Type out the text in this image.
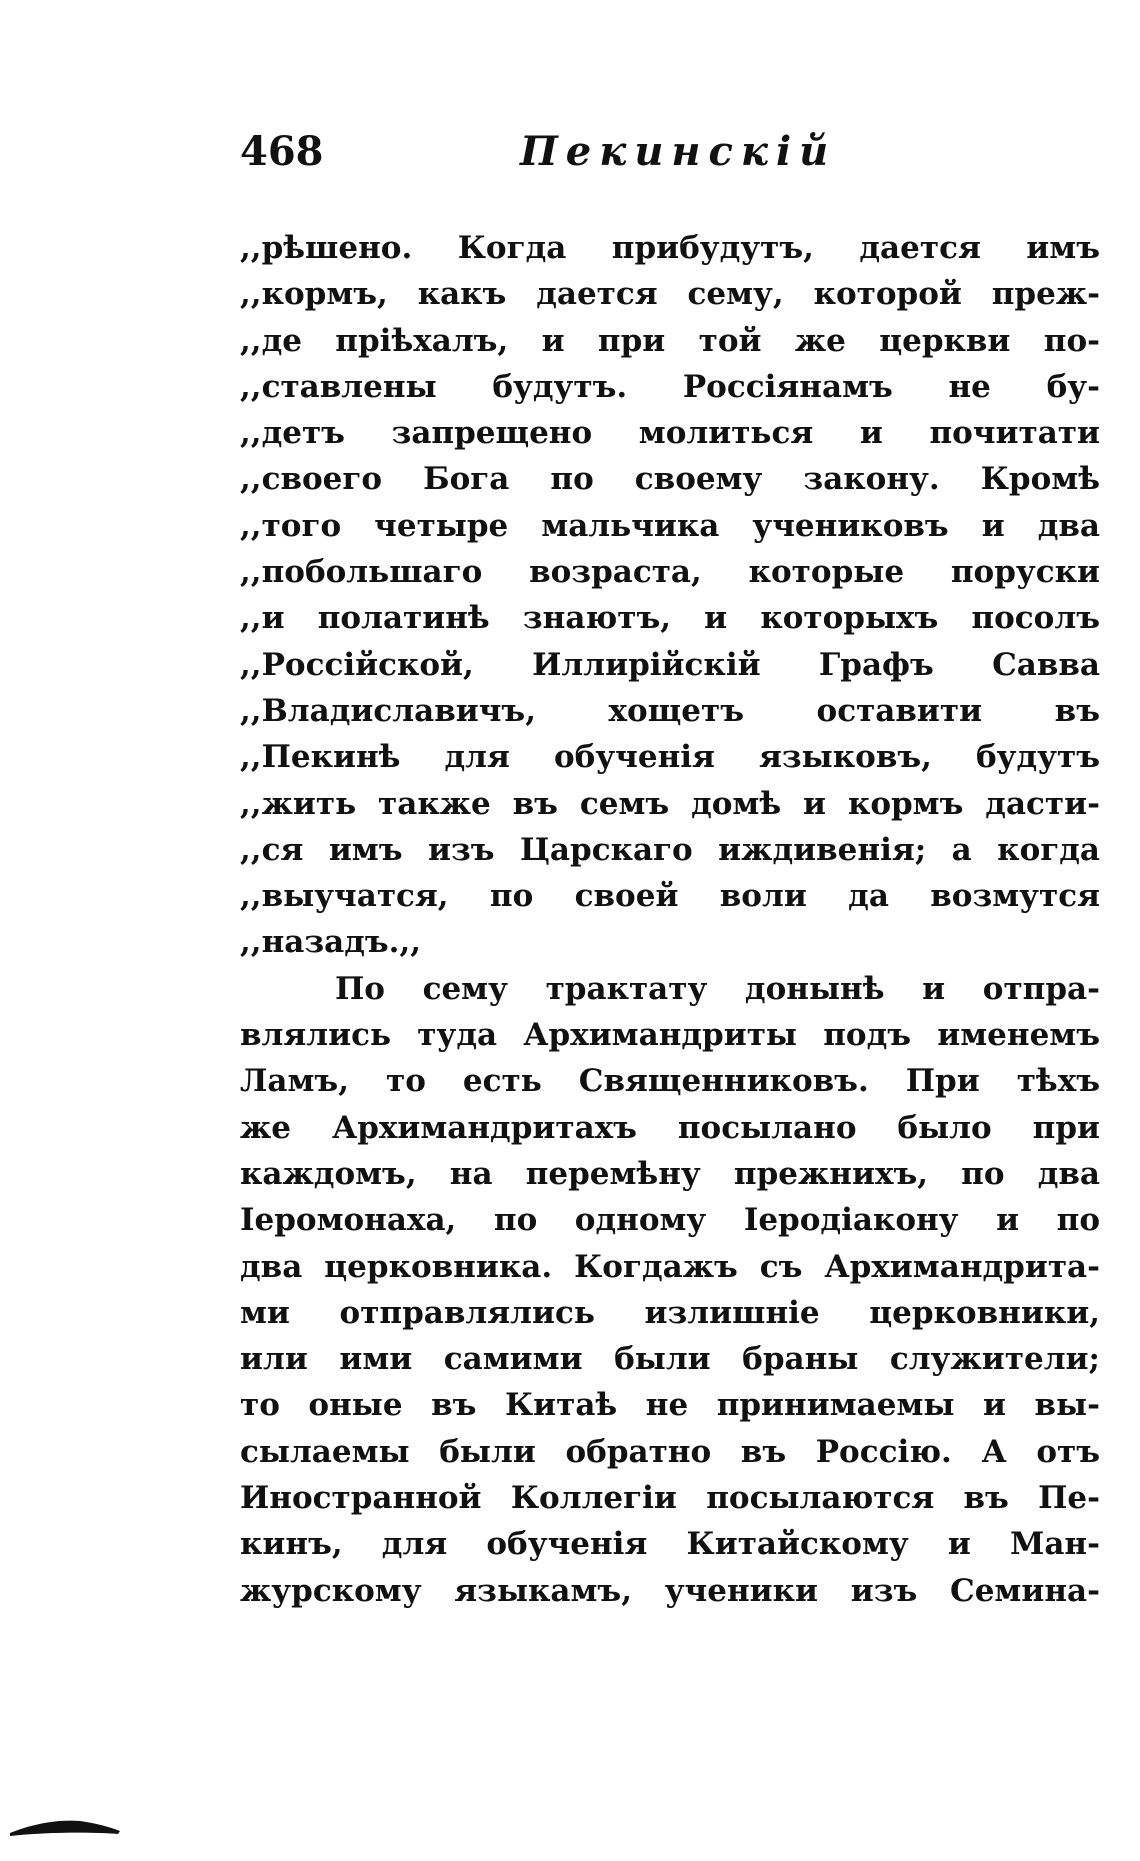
468	Пекинскій
,,рѣшено. Когда прибудутъ, дается имъ
,,кормъ, какъ дается сему, которой преж-
,,де пріѣхалъ, и при той же церкви по-
,,ставлены будутъ. Россіянамъ не бу-
,,детъ запрещено молиться и почитати
,,своего Бога по своему закону. Кромѣ
,,того четыре мальчика учениковъ и два
,,побольшаго возраста, которые поруски
,,и полатинѣ знаютъ, и которыхъ посолъ
,,Россійской, Иллирійскій Графъ Савва
,,Владиславичъ, хощетъ оставити въ
,,Пекинѣ для обученія языковъ, будутъ
,,жить также въ семъ домѣ и кормъ дасти-
,,ся имъ изъ Царскаго иждивенія; а когда
,,выучатся, по своей воли да возмутся
,,назадъ.,,
По сему трактату донынѣ и отпра-
влялись туда Архимандриты подъ именемъ
Ламъ, то есть Священниковъ. При тѣхъ
же Архимандритахъ посылано было при
каждомъ, на перемѣну прежнихъ, по два
Іеромонаха, по одному Іеродіакону и по
два церковника. Когдажъ съ Архимандрита-
ми отправлялись излишніе церковники,
или ими самими были браны служители;
то оные въ Китаѣ не принимаемы и вы-
сылаемы были обратно въ Россію. А отъ
Иностранной Коллегіи посылаются въ Пе-
кинъ, для обученія Китайскому и Ман-
журскому языкамъ, ученики изъ Семина-
